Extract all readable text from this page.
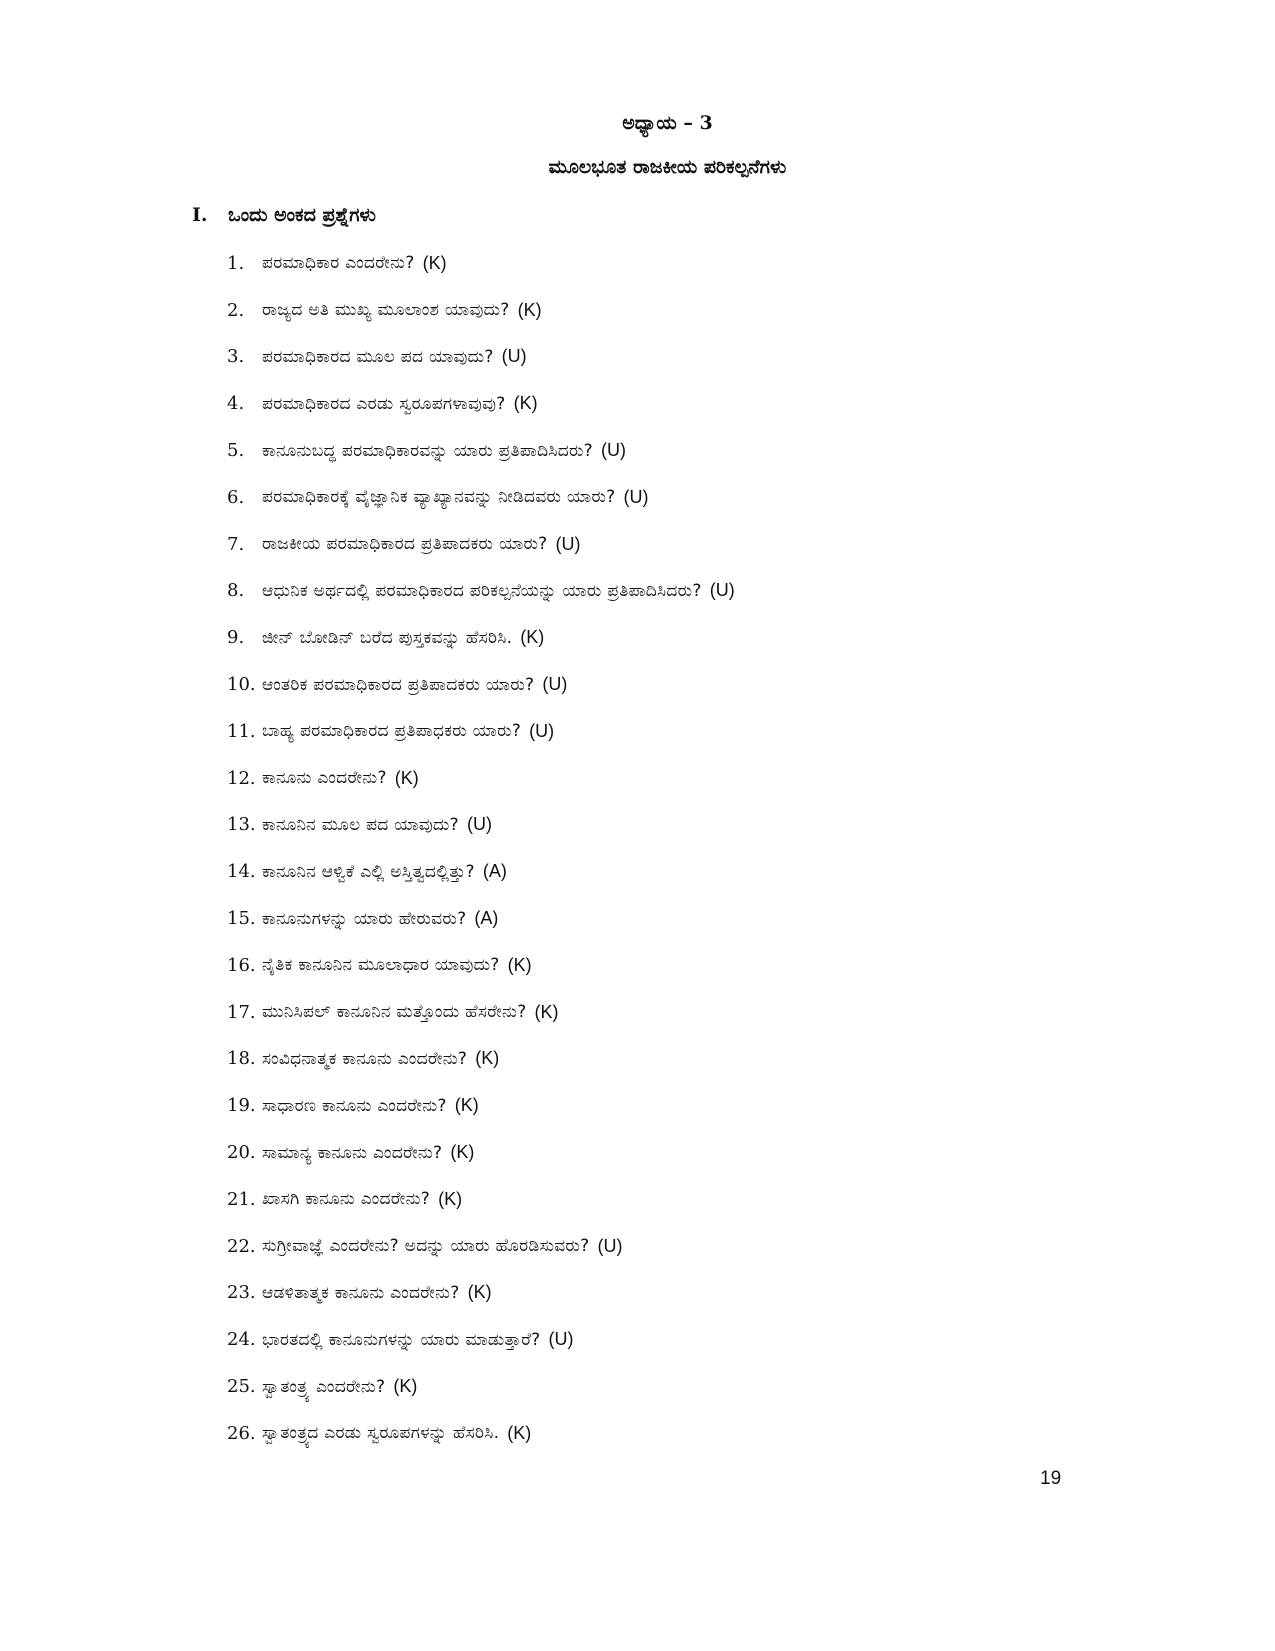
ಅಧ್ಯಾಯ – 3
ಮೂಲಭೂತ ರಾಜಕೀಯ ಪರಿಕಲ್ಪನೆಗಳು
I.	ಒಂದು ಅಂಕದ ಪ್ರಶ್ನೆಗಳು
1.	ಪರಮಾಧಿಕಾರ ಎಂದರೇನು? (K)
2.	ರಾಜ್ಯದ ಅತಿ ಮುಖ್ಯ ಮೂಲಾಂಶ ಯಾವುದು? (K)
3.	ಪರಮಾಧಿಕಾರದ ಮೂಲ ಪದ ಯಾವುದು? (U)
4.	ಪರಮಾಧಿಕಾರದ ಎರಡು ಸ್ವರೂಪಗಳಾವುವು? (K)
5.	ಕಾನೂನುಬದ್ಧ ಪರಮಾಧಿಕಾರವನ್ನು ಯಾರು ಪ್ರತಿಪಾದಿಸಿದರು? (U)
6.	ಪರಮಾಧಿಕಾರಕ್ಕೆ ವೈಜ್ಞಾನಿಕ ವ್ಯಾಖ್ಯಾನವನ್ನು ನೀಡಿದವರು ಯಾರು? (U)
7.	ರಾಜಕೀಯ ಪರಮಾಧಿಕಾರದ ಪ್ರತಿಪಾದಕರು ಯಾರು? (U)
8.	ಆಧುನಿಕ ಅರ್ಥದಲ್ಲಿ ಪರಮಾಧಿಕಾರದ ಪರಿಕಲ್ಪನೆಯನ್ನು ಯಾರು ಪ್ರತಿಪಾದಿಸಿದರು? (U)
9.	ಜೀನ್ ಬೋಡಿನ್ ಬರೆದ ಪುಸ್ತಕವನ್ನು ಹೆಸರಿಸಿ. (K)
10. ಆಂತರಿಕ ಪರಮಾಧಿಕಾರದ ಪ್ರತಿಪಾದಕರು ಯಾರು? (U)
11. ಬಾಹ್ಯ ಪರಮಾಧಿಕಾರದ ಪ್ರತಿಪಾಧಕರು ಯಾರು? (U)
12. ಕಾನೂನು ಎಂದರೇನು? (K)
13. ಕಾನೂನಿನ ಮೂಲ ಪದ ಯಾವುದು? (U)
14. ಕಾನೂನಿನ ಆಳ್ವಿಕೆ ಎಲ್ಲಿ ಅಸ್ತಿತ್ವದಲ್ಲಿತ್ತು? (A)
15. ಕಾನೂನುಗಳನ್ನು ಯಾರು ಹೇರುವರು? (A)
16. ನೈತಿಕ ಕಾನೂನಿನ ಮೂಲಾಧಾರ ಯಾವುದು? (K)
17. ಮುನಿಸಿಪಲ್ ಕಾನೂನಿನ ಮತ್ತೊಂದು ಹೆಸರೇನು? (K)
18. ಸಂವಿಧನಾತ್ಮಕ ಕಾನೂನು ಎಂದರೇನು? (K)
19. ಸಾಧಾರಣ ಕಾನೂನು ಎಂದರೇನು? (K)
20. ಸಾಮಾನ್ಯ ಕಾನೂನು ಎಂದರೇನು? (K)
21. ಖಾಸಗಿ ಕಾನೂನು ಎಂದರೇನು? (K)
22. ಸುಗ್ರೀವಾಜ್ಞೆ ಎಂದರೇನು? ಅದನ್ನು ಯಾರು ಹೊರಡಿಸುವರು? (U)
23. ಆಡಳಿತಾತ್ಮಕ ಕಾನೂನು ಎಂದರೇನು? (K)
24. ಭಾರತದಲ್ಲಿ ಕಾನೂನುಗಳನ್ನು ಯಾರು ಮಾಡುತ್ತಾರೆ? (U)
25. ಸ್ವಾತಂತ್ರ್ಯ ಎಂದರೇನು? (K)
26. ಸ್ವಾತಂತ್ರ್ಯದ ಎರಡು ಸ್ವರೂಪಗಳನ್ನು ಹೆಸರಿಸಿ. (K)
19
